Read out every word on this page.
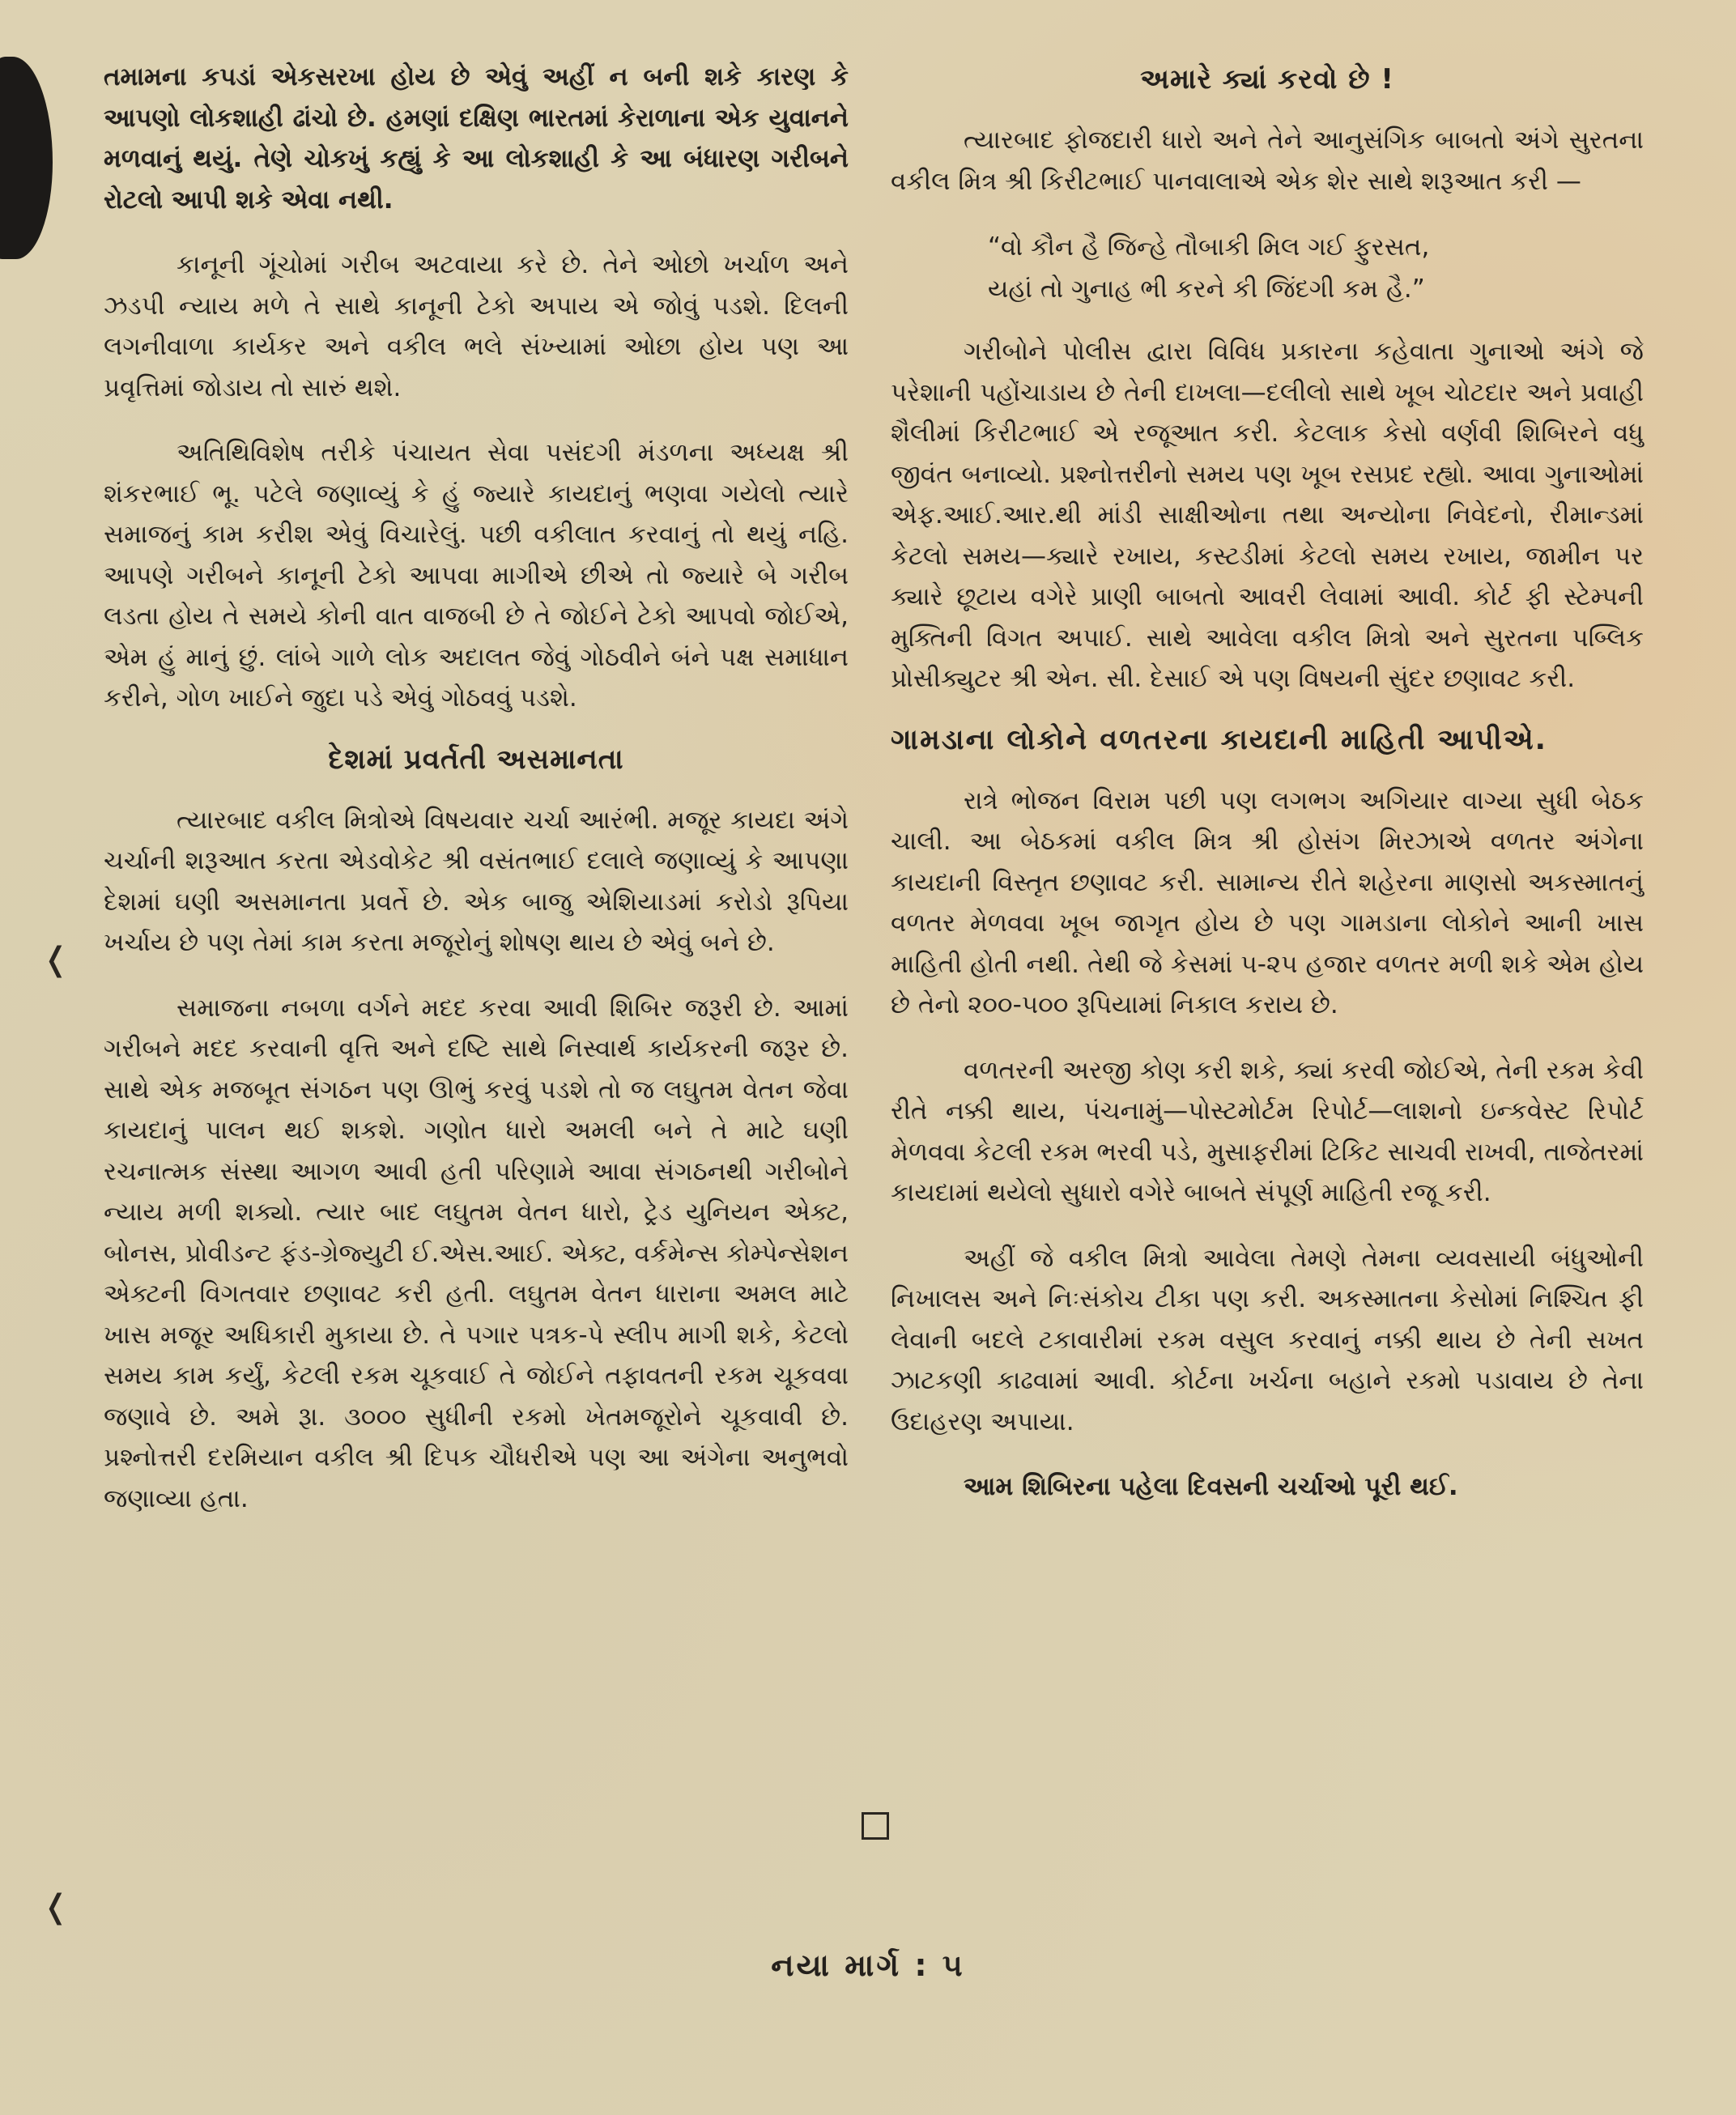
❬
❬

તમામના કપડાં એકસરખા હોય છે એવું અહીં ન બની શકે કારણ કે આપણો લોકશાહી ઢાંચો છે. હમણાં દક્ષિણ ભારતમાં કેરાળાના એક યુવાનને મળવાનું થયું. તેણે ચોકખું કહ્યું કે આ લોકશાહી કે આ બંધારણ ગરીબને રોટલો આપી શકે એવા નથી.

કાનૂની ગૂંચોમાં ગરીબ અટવાયા કરે છે. તેને ઓછો ખર્ચાળ અને ઝડપી ન્યાય મળે તે સાથે કાનૂની ટેકો અપાય એ જોવું પડશે. દિલની લગનીવાળા કાર્યકર અને વકીલ ભલે સંખ્યામાં ઓછા હોય પણ આ પ્રવૃત્તિમાં જોડાય તો સારું થશે.

અતિથિવિશેષ તરીકે પંચાયત સેવા પસંદગી મંડળના અધ્યક્ષ શ્રી શંકરભાઈ ભૂ. પટેલે જણાવ્યું કે હું જ્યારે કાયદાનું ભણવા ગયેલો ત્યારે સમાજનું કામ કરીશ એવું વિચારેલું. પછી વકીલાત કરવાનું તો થયું નહિ. આપણે ગરીબને કાનૂની ટેકો આપવા માગીએ છીએ તો જ્યારે બે ગરીબ લડતા હોય તે સમયે કોની વાત વાજબી છે તે જોઈને ટેકો આપવો જોઈએ, એમ હું માનું છું. લાંબે ગાળે લોક અદાલત જેવું ગોઠવીને બંને પક્ષ સમાધાન કરીને, ગોળ ખાઈને જુદા પડે એવું ગોઠવવું પડશે.

દેશમાં પ્રવર્તતી અસમાનતા

ત્યારબાદ વકીલ મિત્રોએ વિષયવાર ચર્ચા આરંભી. મજૂર કાયદા અંગે ચર્ચાની શરૂઆત કરતા એડવોકેટ શ્રી વસંતભાઈ દલાલે જણાવ્યું કે આપણા દેશમાં ઘણી અસમાનતા પ્રવર્તે છે. એક બાજુ એશિયાડમાં કરોડો રૂપિયા ખર્ચાય છે પણ તેમાં કામ કરતા મજૂરોનું શોષણ થાય છે એવું બને છે.

સમાજના નબળા વર્ગને મદદ કરવા આવી શિબિર જરૂરી છે. આમાં ગરીબને મદદ કરવાની વૃત્તિ અને દષ્ટિ સાથે નિસ્વાર્થ કાર્યકરની જરૂર છે. સાથે એક મજબૂત સંગઠન પણ ઊભું કરવું પડશે તો જ લઘુતમ વેતન જેવા કાયદાનું પાલન થઈ શકશે. ગણોત ધારો અમલી બને તે માટે ઘણી રચનાત્મક સંસ્થા આગળ આવી હતી પરિણામે આવા સંગઠનથી ગરીબોને ન્યાય મળી શક્યો. ત્યાર બાદ લઘુતમ વેતન ધારો, ટ્રેડ યુનિયન એક્ટ, બોનસ, પ્રોવીડન્ટ ફંડ-ગ્રેજ્યુટી ઈ.એસ.આઈ. એક્ટ, વર્કમેન્સ કોમ્પેન્સેશન એક્ટની વિગતવાર છણાવટ કરી હતી. લઘુતમ વેતન ધારાના અમલ માટે ખાસ મજૂર અધિકારી મુકાયા છે. તે પગાર પત્રક-પે સ્લીપ માગી શકે, કેટલો સમય કામ કર્યું, કેટલી રકમ ચૂકવાઈ તે જોઈને તફાવતની રકમ ચૂકવવા જણાવે છે. અમે રૂા. ૩૦૦૦ સુધીની રકમો ખેતમજૂરોને ચૂકવાવી છે. પ્રશ્નોત્તરી દરમિયાન વકીલ શ્રી દિપક ચૌધરીએ પણ આ અંગેના અનુભવો જણાવ્યા હતા.

અમારે ક્યાં કરવો છે !

ત્યારબાદ ફોજદારી ધારો અને તેને આનુસંગિક બાબતો અંગે સુરતના વકીલ મિત્ર શ્રી કિરીટભાઈ પાનવાલાએ એક શેર સાથે શરૂઆત કરી —

“વો કૌન હૈ જિન્હે તૌબાકી મિલ ગઈ ફુરસત,
યહાં તો ગુનાહ ભી કરને કી જિંદગી કમ હૈ.”

ગરીબોને પોલીસ દ્વારા વિવિધ પ્રકારના કહેવાતા ગુનાઓ અંગે જે પરેશાની પહોંચાડાય છે તેની દાખલા—દલીલો સાથે ખૂબ ચોટદાર અને પ્રવાહી શૈલીમાં કિરીટભાઈ એ રજૂઆત કરી. કેટલાક કેસો વર્ણવી શિબિરને વધુ જીવંત બનાવ્યો. પ્રશ્નોત્તરીનો સમય પણ ખૂબ રસપ્રદ રહ્યો. આવા ગુનાઓમાં એફ.આઈ.આર.થી માંડી સાક્ષીઓના તથા અન્યોના નિવેદનો, રીમાન્ડમાં કેટલો સમય—ક્યારે રખાય, કસ્ટડીમાં કેટલો સમય રખાય, જામીન પર ક્યારે છૂટાય વગેરે પ્રાણી બાબતો આવરી લેવામાં આવી. કોર્ટ ફી સ્ટેમ્પની મુક્તિની વિગત અપાઈ. સાથે આવેલા વકીલ મિત્રો અને સુરતના પબ્લિક પ્રોસીક્યુટર શ્રી એન. સી. દેસાઈ એ પણ વિષયની સુંદર છણાવટ કરી.

ગામડાના લોકોને વળતરના કાયદાની માહિતી આપીએ.

રાત્રે ભોજન વિરામ પછી પણ લગભગ અગિયાર વાગ્યા સુધી બેઠક ચાલી. આ બેઠકમાં વકીલ મિત્ર શ્રી હોસંગ મિરઝાએ વળતર અંગેના કાયદાની વિસ્તૃત છણાવટ કરી. સામાન્ય રીતે શહેરના માણસો અકસ્માતનું વળતર મેળવવા ખૂબ જાગૃત હોય છે પણ ગામડાના લોકોને આની ખાસ માહિતી હોતી નથી. તેથી જે કેસમાં ૫-૨૫ હજાર વળતર મળી શકે એમ હોય છે તેનો ૨૦૦-૫૦૦ રૂપિયામાં નિકાલ કરાય છે.

વળતરની અરજી કોણ કરી શકે, ક્યાં કરવી જોઈએ, તેની રકમ કેવી રીતે નક્કી થાય, પંચનામું—પોસ્ટમોર્ટમ રિપોર્ટ—લાશનો ઇન્કવેસ્ટ રિપોર્ટ મેળવવા કેટલી રકમ ભરવી પડે, મુસાફરીમાં ટિકિટ સાચવી રાખવી, તાજેતરમાં કાયદામાં થયેલો સુધારો વગેરે બાબતે સંપૂર્ણ માહિતી રજૂ કરી.

અહીં જે વકીલ મિત્રો આવેલા તેમણે તેમના વ્યવસાયી બંધુઓની નિખાલસ અને નિઃસંકોચ ટીકા પણ કરી. અકસ્માતના કેસોમાં નિશ્ચિત ફી લેવાની બદલે ટકાવારીમાં રકમ વસુલ કરવાનું નક્કી થાય છે તેની સખત ઝાટકણી કાઢવામાં આવી. કોર્ટના ખર્ચના બહાને રકમો પડાવાય છે તેના ઉદાહરણ અપાયા.

આમ શિબિરના પહેલા દિવસની ચર્ચાઓ પૂરી થઈ.

નયા માર્ગ : ૫
